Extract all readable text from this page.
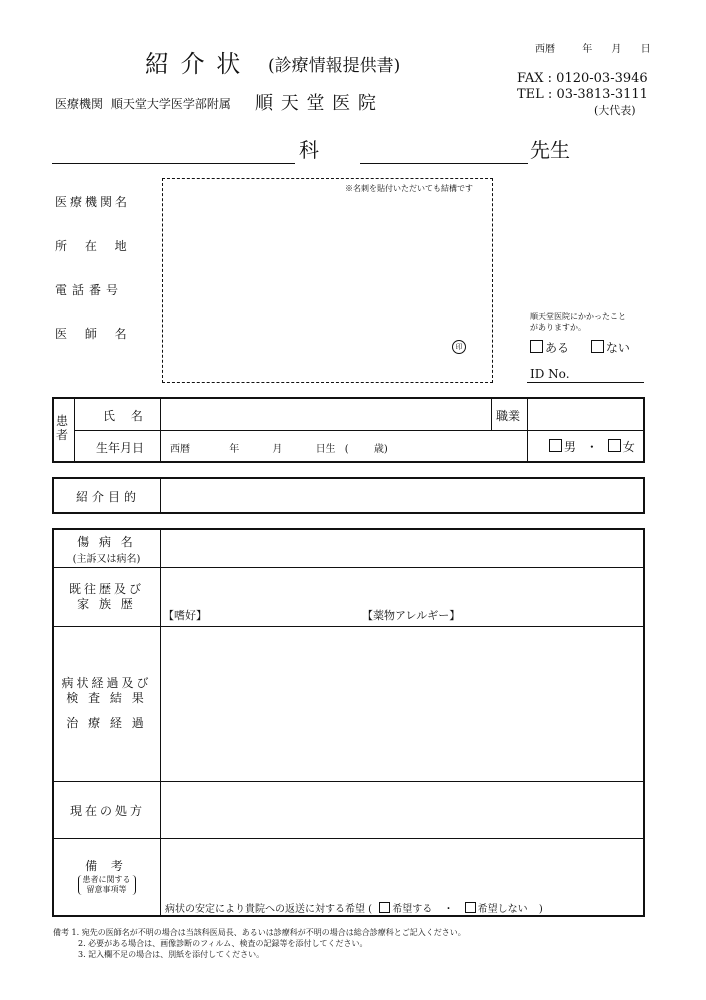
紹 介 状 (診療情報提供書)
西暦	年 月 日
FAX : 0120-03-3946
TEL : 03-3813-3111
(大代表)
医療機関 順天堂大学医学部附属 順 天 堂 医 院
科	先生
医療機関名
所 在 地
電話番号
医 師 名
※名刺を貼付いただいても結構です
印
順天堂医院にかかったこと
がありますか。
ある	ない
ID No.
患
者
氏 名	職業
生年月日	西暦	年	月	日生 (	歳)	男 ・ 女
紹介目的
傷 病 名
(主訴又は病名)
既往歴及び
家 族 歴
【嗜好】	【薬物アレルギー】
病状経過及び
検 査 結 果
治 療 経 過
現在の処方
備 考
患者に関する
留意事項等
病状の安定により貴院への返送に対する希望 ( 希望する ・ 希望しない )
備考 1. 宛先の医師名が不明の場合は当該科医局長、あるいは診療科が不明の場合は総合診療科とご記入ください。
2. 必要がある場合は、画像診断のフィルム、検査の記録等を添付してください。
3. 記入欄不足の場合は、別紙を添付してください。
